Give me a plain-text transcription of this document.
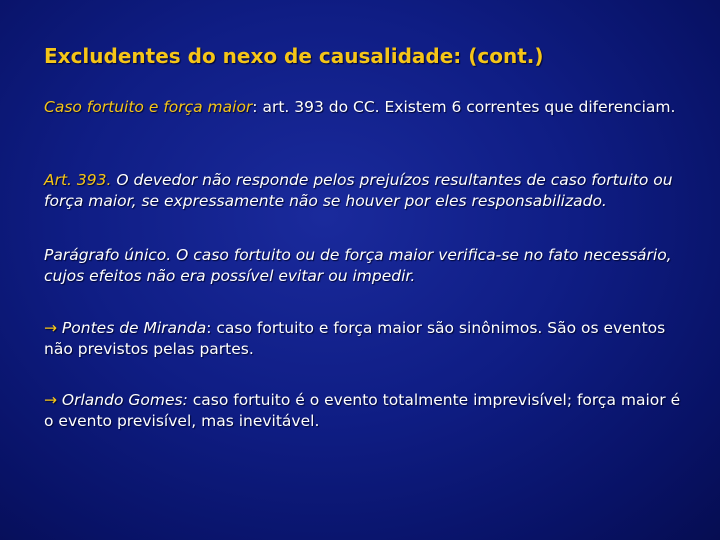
Excludentes do nexo de causalidade: (cont.)
Caso fortuito e força maior: art. 393 do CC. Existem 6 correntes que diferenciam.
Art. 393. O devedor não responde pelos prejuízos resultantes de caso fortuito ou força maior, se expressamente não se houver por eles responsabilizado.
Parágrafo único. O caso fortuito ou de força maior verifica-se no fato necessário, cujos efeitos não era possível evitar ou impedir.
→ Pontes de Miranda: caso fortuito e força maior são sinônimos. São os eventos não previstos pelas partes.
→ Orlando Gomes: caso fortuito é o evento totalmente imprevisível; força maior é o evento previsível, mas inevitável.
